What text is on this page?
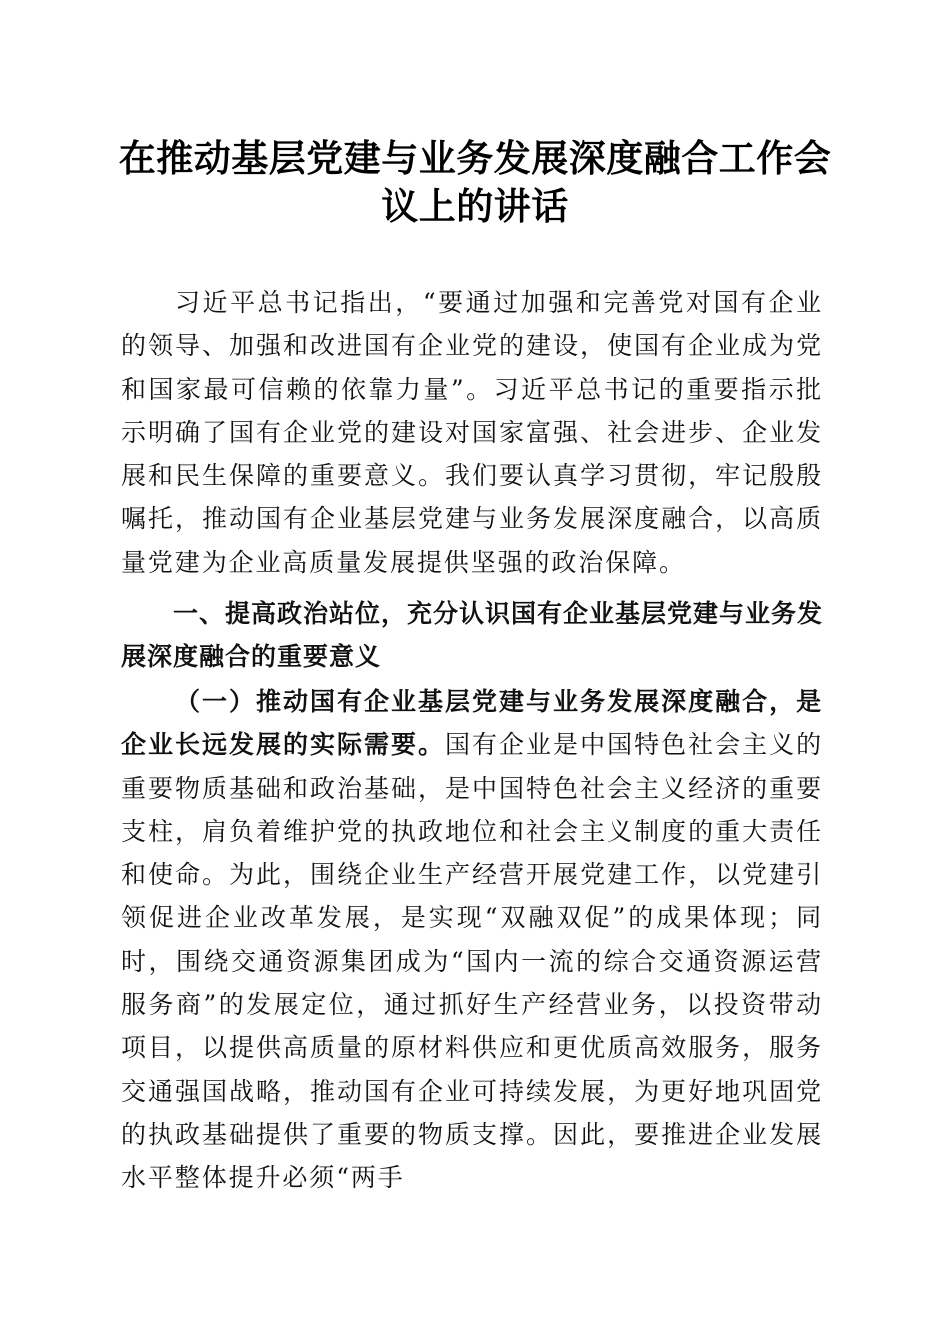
在推动基层党建与业务发展深度融合工作会议上的讲话

习近平总书记指出，“要通过加强和完善党对国有企业的领导、加强和改进国有企业党的建设，使国有企业成为党和国家最可信赖的依靠力量”。习近平总书记的重要指示批示明确了国有企业党的建设对国家富强、社会进步、企业发展和民生保障的重要意义。我们要认真学习贯彻，牢记殷殷嘱托，推动国有企业基层党建与业务发展深度融合，以高质量党建为企业高质量发展提供坚强的政治保障。

一、提高政治站位，充分认识国有企业基层党建与业务发展深度融合的重要意义

（一）推动国有企业基层党建与业务发展深度融合，是企业长远发展的实际需要。国有企业是中国特色社会主义的重要物质基础和政治基础，是中国特色社会主义经济的重要支柱，肩负着维护党的执政地位和社会主义制度的重大责任和使命。为此，围绕企业生产经营开展党建工作，以党建引领促进企业改革发展，是实现“双融双促”的成果体现；同时，围绕交通资源集团成为“国内一流的综合交通资源运营服务商”的发展定位，通过抓好生产经营业务，以投资带动项目，以提供高质量的原材料供应和更优质高效服务，服务交通强国战略，推动国有企业可持续发展，为更好地巩固党的执政基础提供了重要的物质支撑。因此，要推进企业发展水平整体提升必须“两手
